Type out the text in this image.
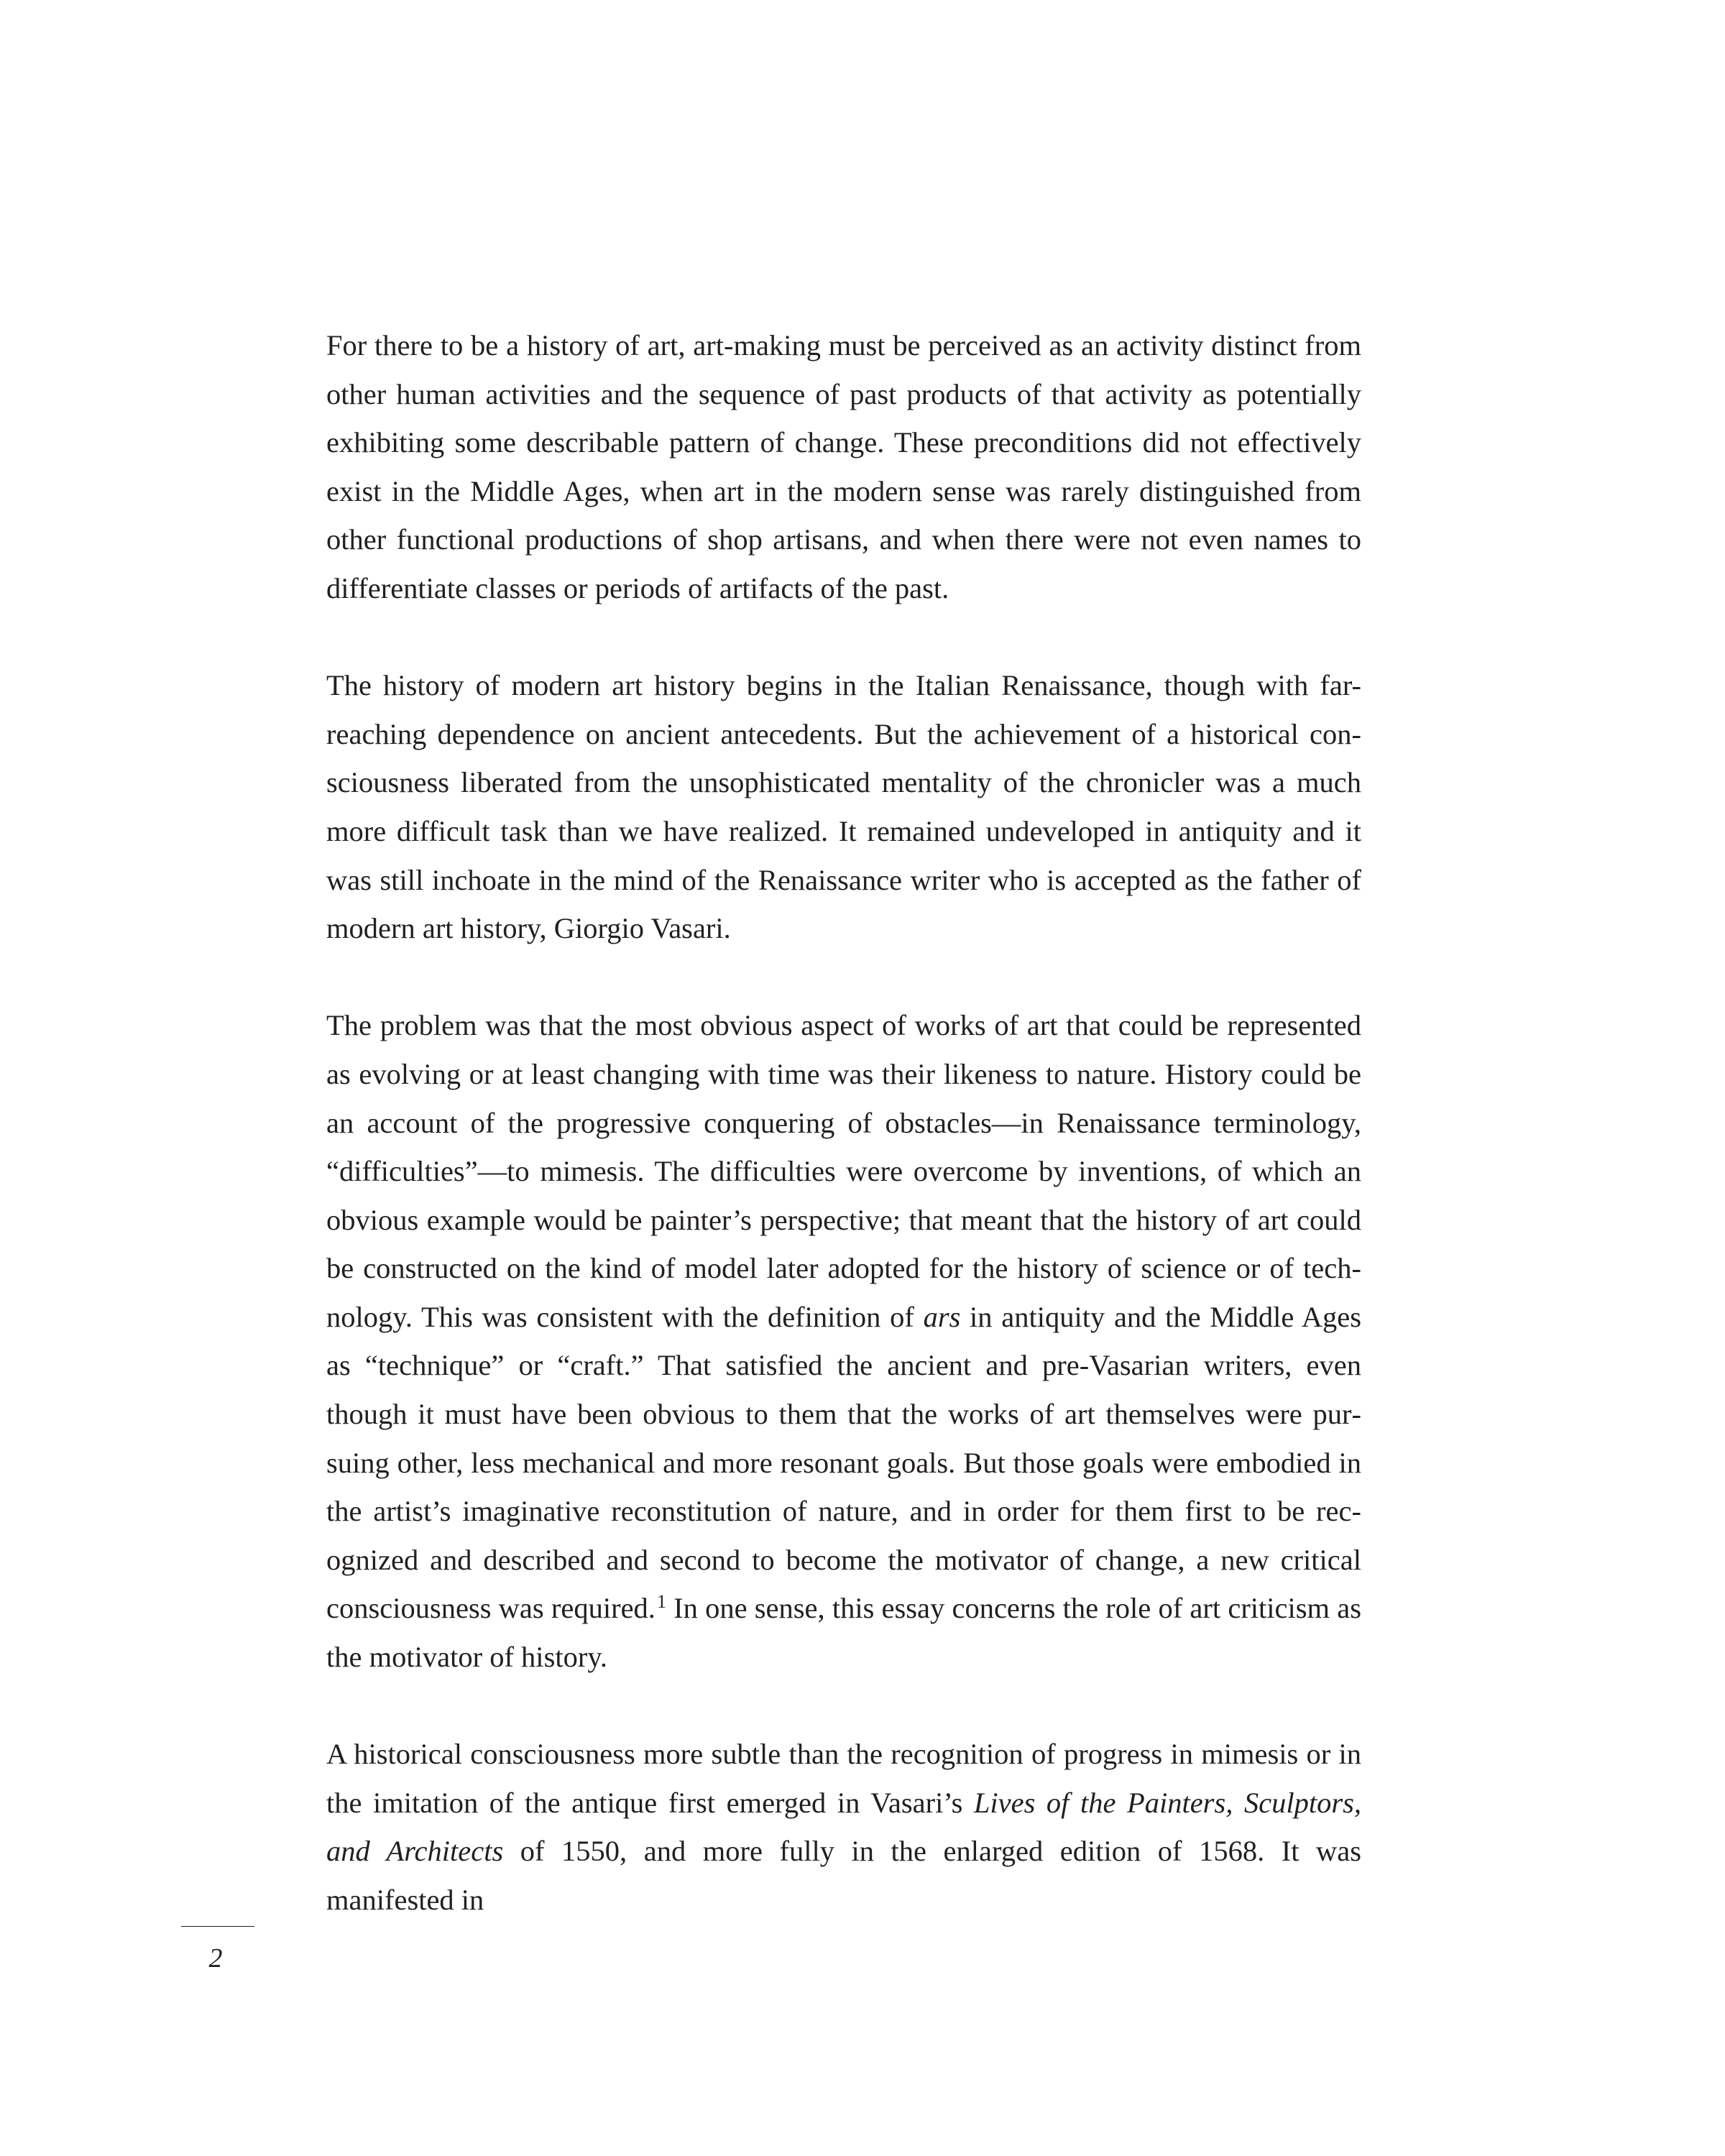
For there to be a history of art, art-making must be perceived as an activity distinct from other human activities and the sequence of past products of that activity as potentially exhibiting some describable pattern of change. These preconditions did not effectively exist in the Middle Ages, when art in the modern sense was rarely distinguished from other functional productions of shop artisans, and when there were not even names to differentiate classes or periods of artifacts of the past.

The history of modern art history begins in the Italian Renaissance, though with far-reaching dependence on ancient antecedents. But the achievement of a historical consciousness liberated from the unsophisticated mentality of the chronicler was a much more difficult task than we have realized. It remained undeveloped in antiquity and it was still inchoate in the mind of the Renaissance writer who is accepted as the father of modern art history, Giorgio Vasari.

The problem was that the most obvious aspect of works of art that could be represented as evolving or at least changing with time was their likeness to nature. History could be an account of the progressive conquering of obstacles—in Renaissance terminology, “difficulties”—to mimesis. The difficulties were overcome by inventions, of which an obvious example would be painter’s perspective; that meant that the history of art could be constructed on the kind of model later adopted for the history of science or of technology. This was consistent with the definition of ars in antiquity and the Middle Ages as “technique” or “craft.” That satisfied the ancient and pre-Vasarian writers, even though it must have been obvious to them that the works of art themselves were pursuing other, less mechanical and more resonant goals. But those goals were embodied in the artist’s imaginative reconstitution of nature, and in order for them first to be recognized and described and second to become the motivator of change, a new critical consciousness was required.$^1$ In one sense, this essay concerns the role of art criticism as the motivator of history.

A historical consciousness more subtle than the recognition of progress in mimesis or in the imitation of the antique first emerged in Vasari’s Lives of the Painters, Sculptors, and Architects of 1550, and more fully in the enlarged edition of 1568. It was manifested in

2
